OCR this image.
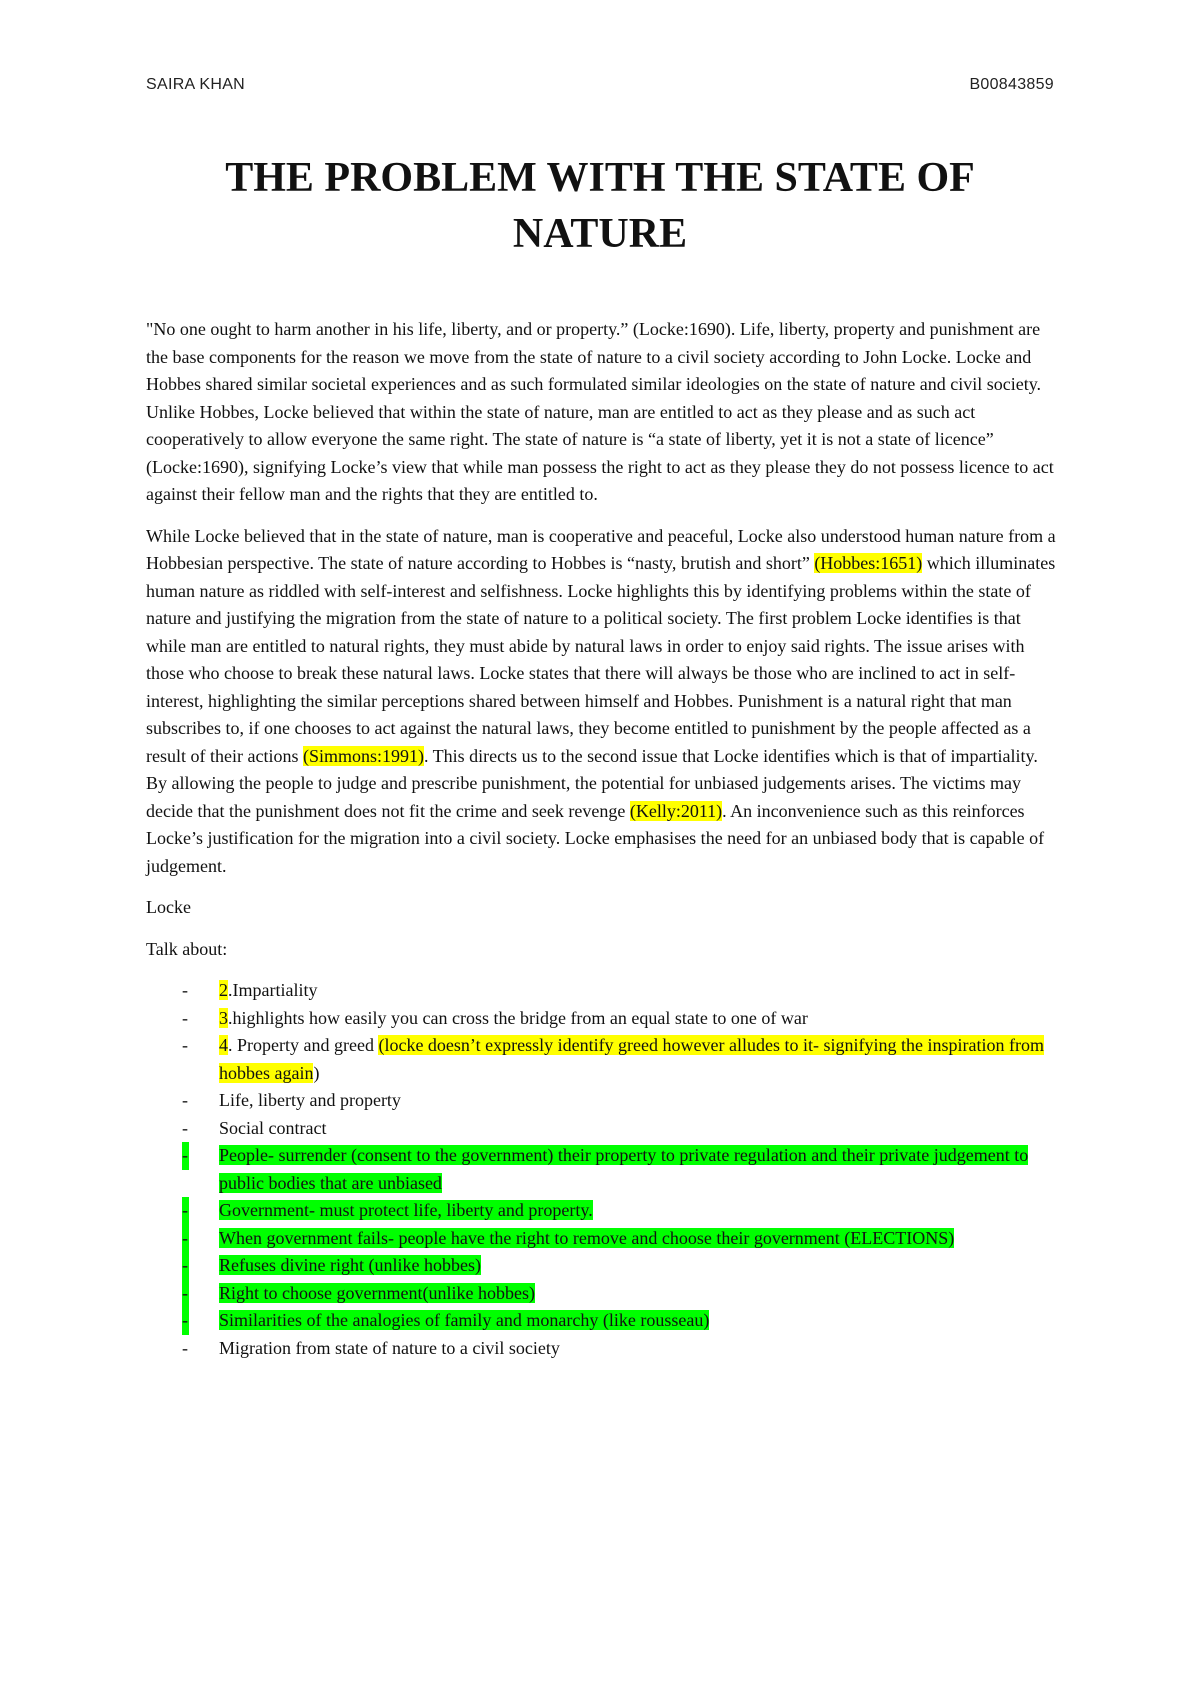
SAIRA KHAN	B00843859
THE PROBLEM WITH THE STATE OF NATURE

"No one ought to harm another in his life, liberty, and or property.” (Locke:1690). Life, liberty, property and punishment are the base components for the reason we move from the state of nature to a civil society according to John Locke. Locke and Hobbes shared similar societal experiences and as such formulated similar ideologies on the state of nature and civil society. Unlike Hobbes, Locke believed that within the state of nature, man are entitled to act as they please and as such act cooperatively to allow everyone the same right. The state of nature is “a state of liberty, yet it is not a state of licence” (Locke:1690), signifying Locke’s view that while man possess the right to act as they please they do not possess licence to act against their fellow man and the rights that they are entitled to.

While Locke believed that in the state of nature, man is cooperative and peaceful, Locke also understood human nature from a Hobbesian perspective. The state of nature according to Hobbes is “nasty, brutish and short” (Hobbes:1651) which illuminates human nature as riddled with self-interest and selfishness. Locke highlights this by identifying problems within the state of nature and justifying the migration from the state of nature to a political society. The first problem Locke identifies is that while man are entitled to natural rights, they must abide by natural laws in order to enjoy said rights. The issue arises with those who choose to break these natural laws. Locke states that there will always be those who are inclined to act in self-interest, highlighting the similar perceptions shared between himself and Hobbes. Punishment is a natural right that man subscribes to, if one chooses to act against the natural laws, they become entitled to punishment by the people affected as a result of their actions (Simmons:1991). This directs us to the second issue that Locke identifies which is that of impartiality. By allowing the people to judge and prescribe punishment, the potential for unbiased judgements arises. The victims may decide that the punishment does not fit the crime and seek revenge (Kelly:2011). An inconvenience such as this reinforces Locke’s justification for the migration into a civil society. Locke emphasises the need for an unbiased body that is capable of judgement.

Locke

Talk about:

- 2.Impartiality
- 3.highlights how easily you can cross the bridge from an equal state to one of war
- 4. Property and greed (locke doesn’t expressly identify greed however alludes to it- signifying the inspiration from hobbes again)
- Life, liberty and property
- Social contract
- People- surrender (consent to the government) their property to private regulation and their private judgement to public bodies that are unbiased
- Government- must protect life, liberty and property.
- When government fails- people have the right to remove and choose their government (ELECTIONS)
- Refuses divine right (unlike hobbes)
- Right to choose government(unlike hobbes)
- Similarities of the analogies of family and monarchy (like rousseau)
- Migration from state of nature to a civil society
